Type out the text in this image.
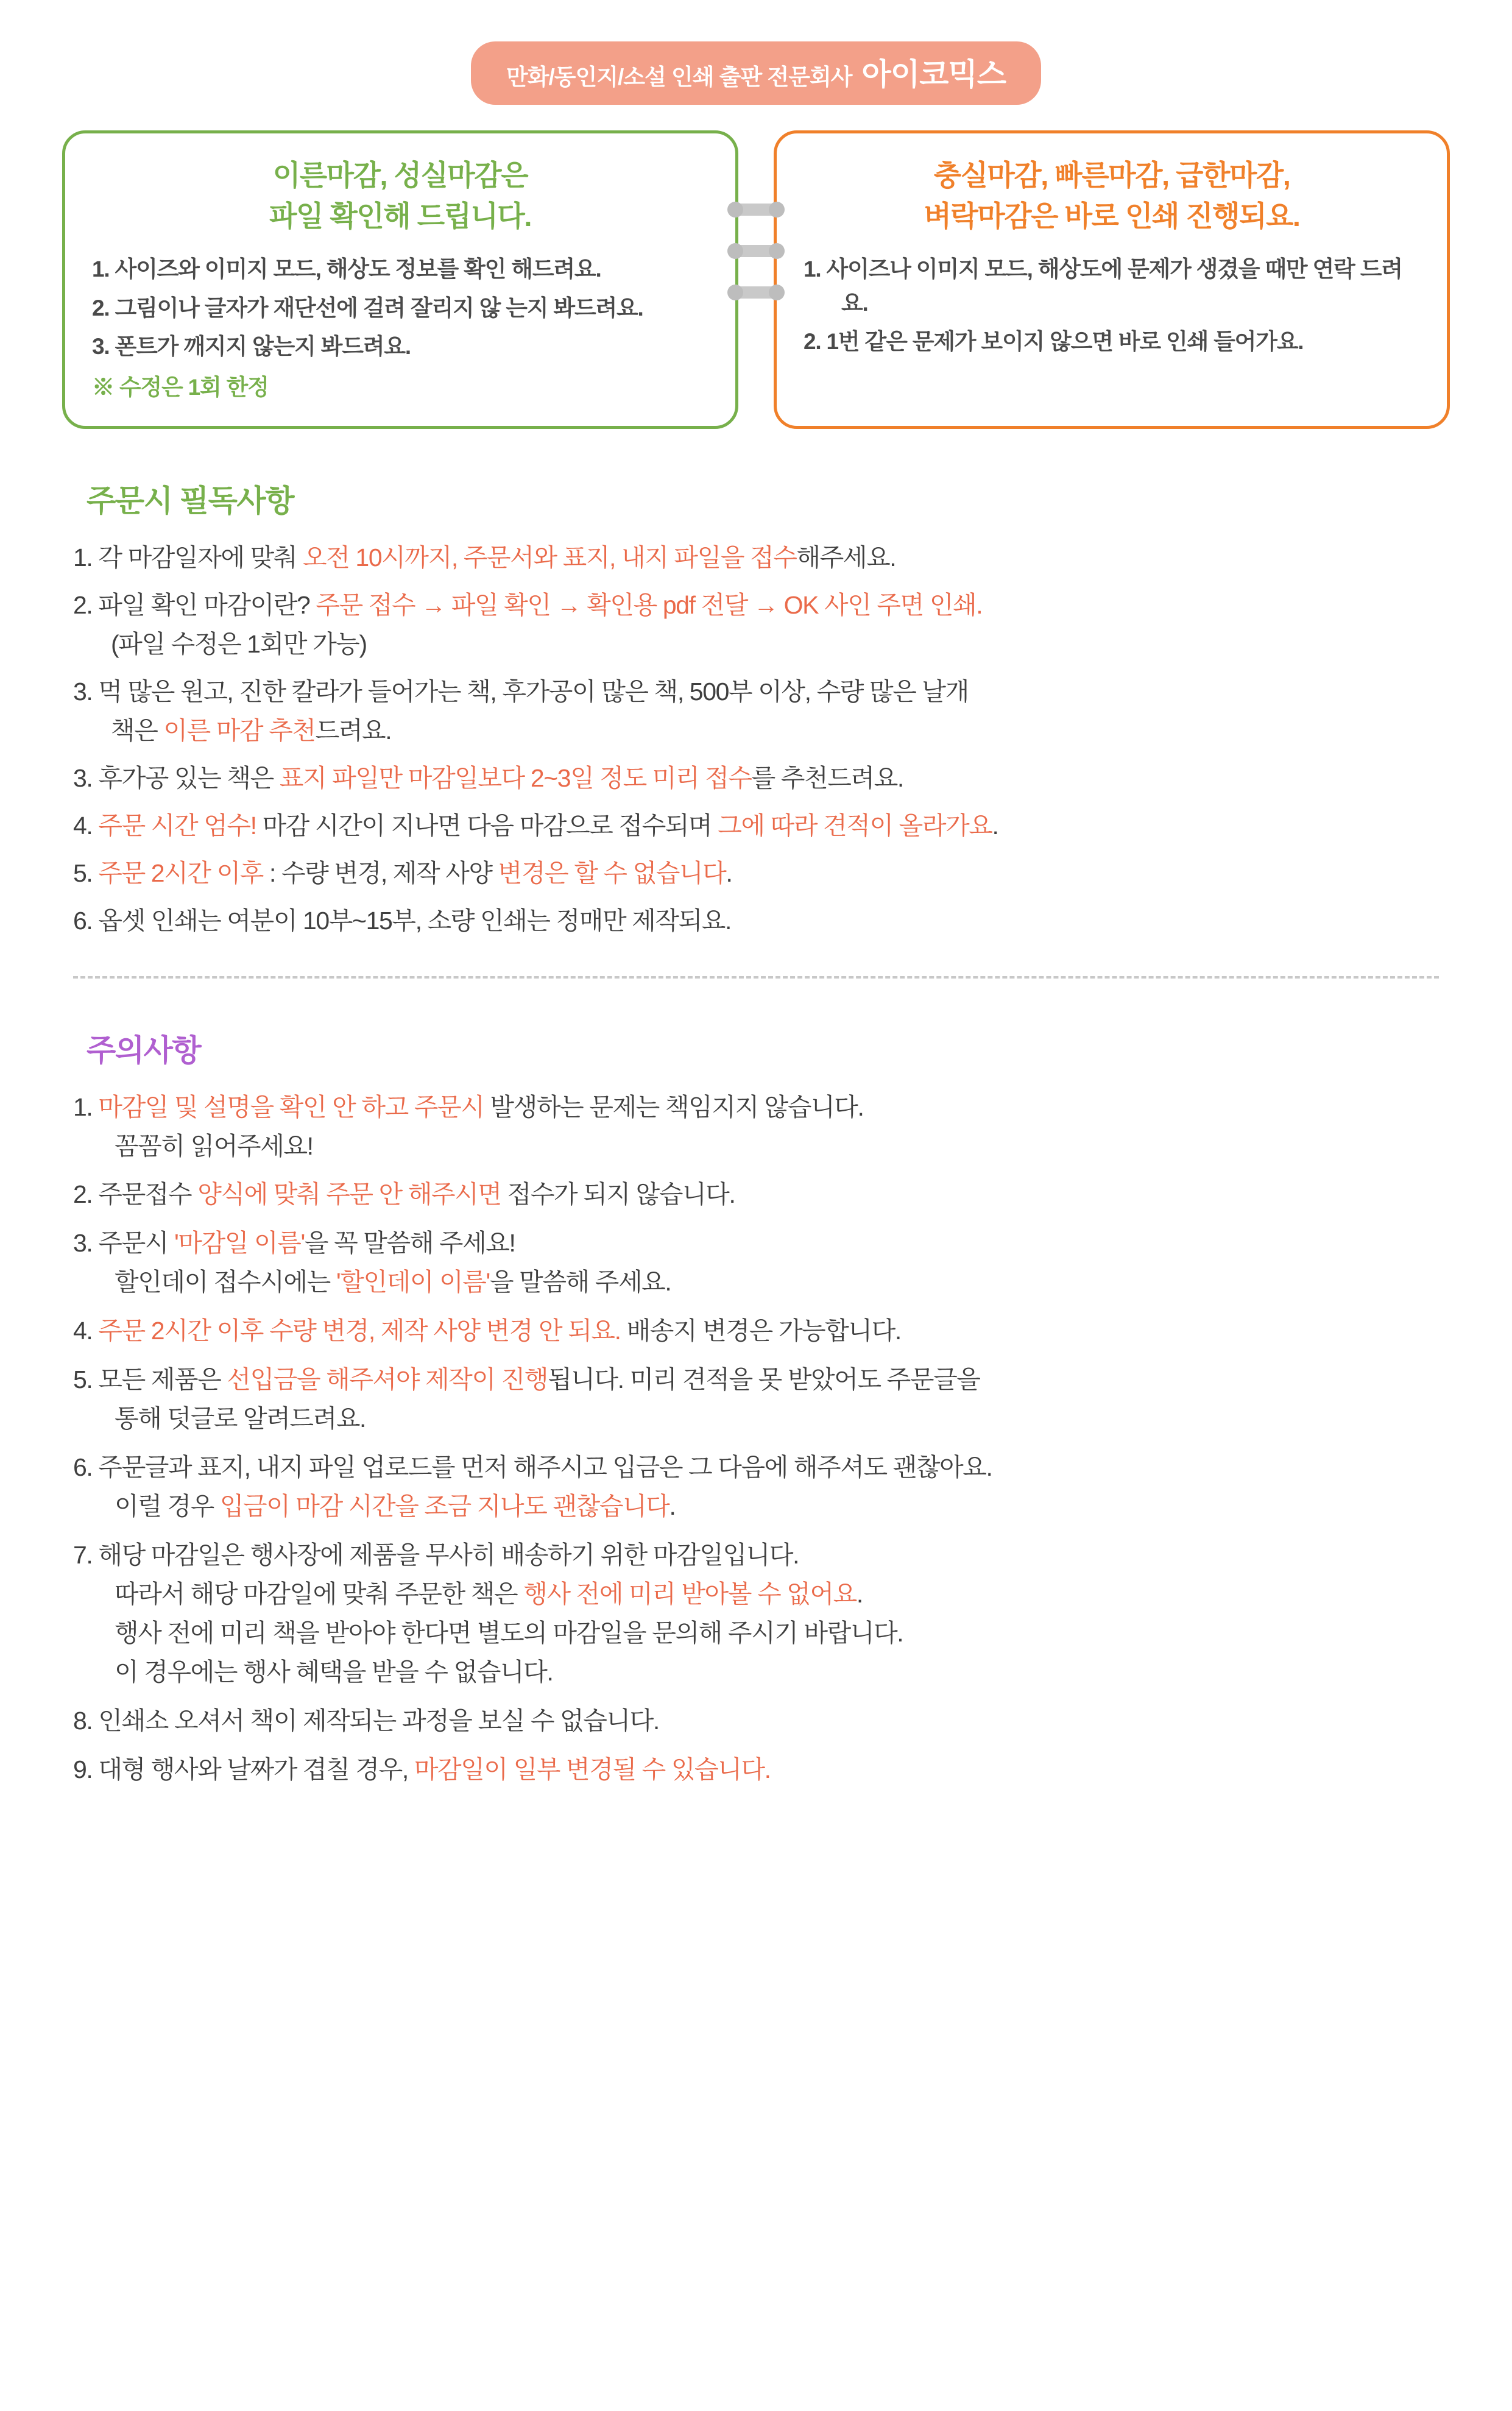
만화/동인지/소설 인쇄 출판 전문회사 아이코믹스
이른마감, 성실마감은
파일 확인해 드립니다.
1. 사이즈와 이미지 모드, 해상도 정보를 확인 해드려요.
2. 그림이나 글자가 재단선에 걸려 잘리지 않 는지 봐드려요.
3. 폰트가 깨지지 않는지 봐드려요.
※ 수정은 1회 한정
충실마감, 빠른마감, 급한마감,
벼락마감은 바로 인쇄 진행되요.
1. 사이즈나 이미지 모드, 해상도에 문제가 생겼을 때만 연락 드려요.
2. 1번 같은 문제가 보이지 않으면 바로 인쇄 들어가요.
주문시 필독사항
1. 각 마감일자에 맞춰 오전 10시까지, 주문서와 표지, 내지 파일을 접수해주세요.
2. 파일 확인 마감이란? 주문 접수 → 파일 확인 → 확인용 pdf 전달 → OK 사인 주면 인쇄.
(파일 수정은 1회만 가능)
3. 먹 많은 원고, 진한 칼라가 들어가는 책, 후가공이 많은 책, 500부 이상, 수량 많은 날개
책은 이른 마감 추천드려요.
3. 후가공 있는 책은 표지 파일만 마감일보다 2~3일 정도 미리 접수를 추천드려요.
4. 주문 시간 엄수! 마감 시간이 지나면 다음 마감으로 접수되며 그에 따라 견적이 올라가요.
5. 주문 2시간 이후 : 수량 변경, 제작 사양 변경은 할 수 없습니다.
6. 옵셋 인쇄는 여분이 10부~15부, 소량 인쇄는 정매만 제작되요.
주의사항
1. 마감일 및 설명을 확인 안 하고 주문시 발생하는 문제는 책임지지 않습니다.
꼼꼼히 읽어주세요!
2. 주문접수 양식에 맞춰 주문 안 해주시면 접수가 되지 않습니다.
3. 주문시 '마감일 이름'을 꼭 말씀해 주세요!
할인데이 접수시에는 '할인데이 이름'을 말씀해 주세요.
4. 주문 2시간 이후 수량 변경, 제작 사양 변경 안 되요. 배송지 변경은 가능합니다.
5. 모든 제품은 선입금을 해주셔야 제작이 진행됩니다. 미리 견적을 못 받았어도 주문글을
통해 덧글로 알려드려요.
6. 주문글과 표지, 내지 파일 업로드를 먼저 해주시고 입금은 그 다음에 해주셔도 괜찮아요.
이럴 경우 입금이 마감 시간을 조금 지나도 괜찮습니다.
7. 해당 마감일은 행사장에 제품을 무사히 배송하기 위한 마감일입니다.
따라서 해당 마감일에 맞춰 주문한 책은 행사 전에 미리 받아볼 수 없어요.
행사 전에 미리 책을 받아야 한다면 별도의 마감일을 문의해 주시기 바랍니다.
이 경우에는 행사 혜택을 받을 수 없습니다.
8. 인쇄소 오셔서 책이 제작되는 과정을 보실 수 없습니다.
9. 대형 행사와 날짜가 겹칠 경우, 마감일이 일부 변경될 수 있습니다.
